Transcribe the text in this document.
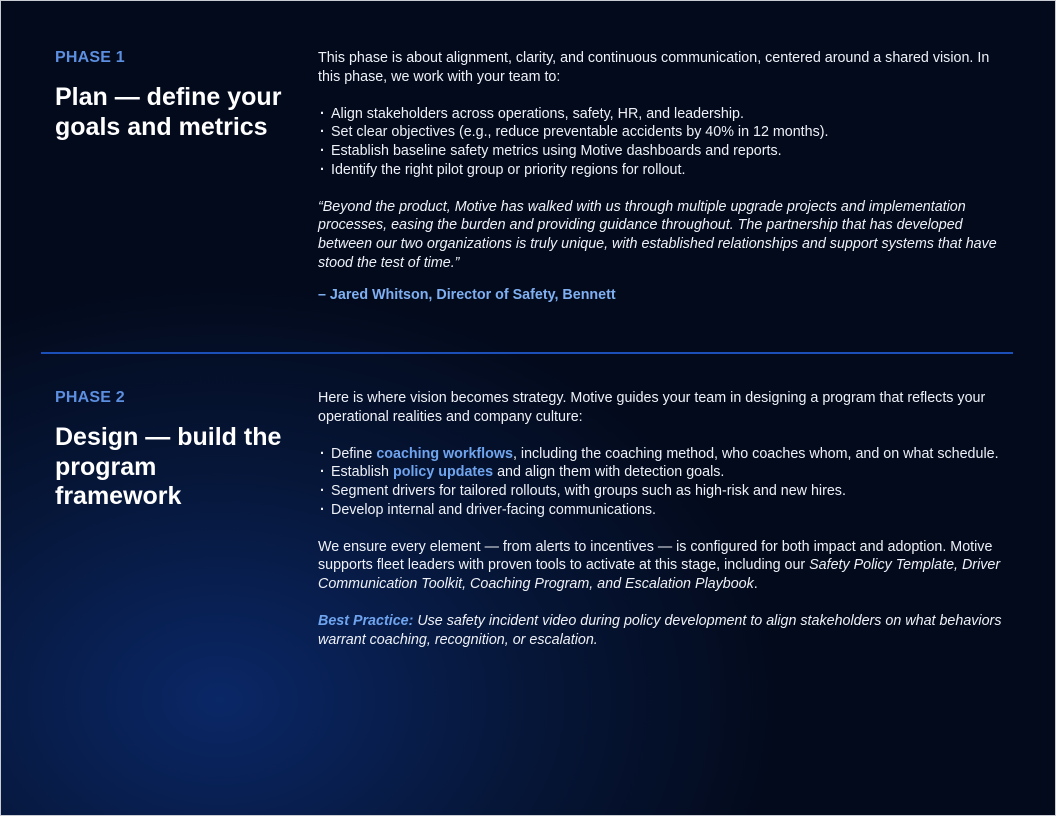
PHASE 1
Plan — define your goals and metrics

This phase is about alignment, clarity, and continuous communication, centered around a shared vision. In this phase, we work with your team to:

· Align stakeholders across operations, safety, HR, and leadership.
· Set clear objectives (e.g., reduce preventable accidents by 40% in 12 months).
· Establish baseline safety metrics using Motive dashboards and reports.
· Identify the right pilot group or priority regions for rollout.

“Beyond the product, Motive has walked with us through multiple upgrade projects and implementation processes, easing the burden and providing guidance throughout. The partnership that has developed between our two organizations is truly unique, with established relationships and support systems that have stood the test of time.”

– Jared Whitson, Director of Safety, Bennett

PHASE 2
Design — build the program framework

Here is where vision becomes strategy. Motive guides your team in designing a program that reflects your operational realities and company culture:

· Define coaching workflows, including the coaching method, who coaches whom, and on what schedule.
· Establish policy updates and align them with detection goals.
· Segment drivers for tailored rollouts, with groups such as high-risk and new hires.
· Develop internal and driver-facing communications.

We ensure every element — from alerts to incentives — is configured for both impact and adoption. Motive supports fleet leaders with proven tools to activate at this stage, including our Safety Policy Template, Driver Communication Toolkit, Coaching Program, and Escalation Playbook.

Best Practice: Use safety incident video during policy development to align stakeholders on what behaviors warrant coaching, recognition, or escalation.
